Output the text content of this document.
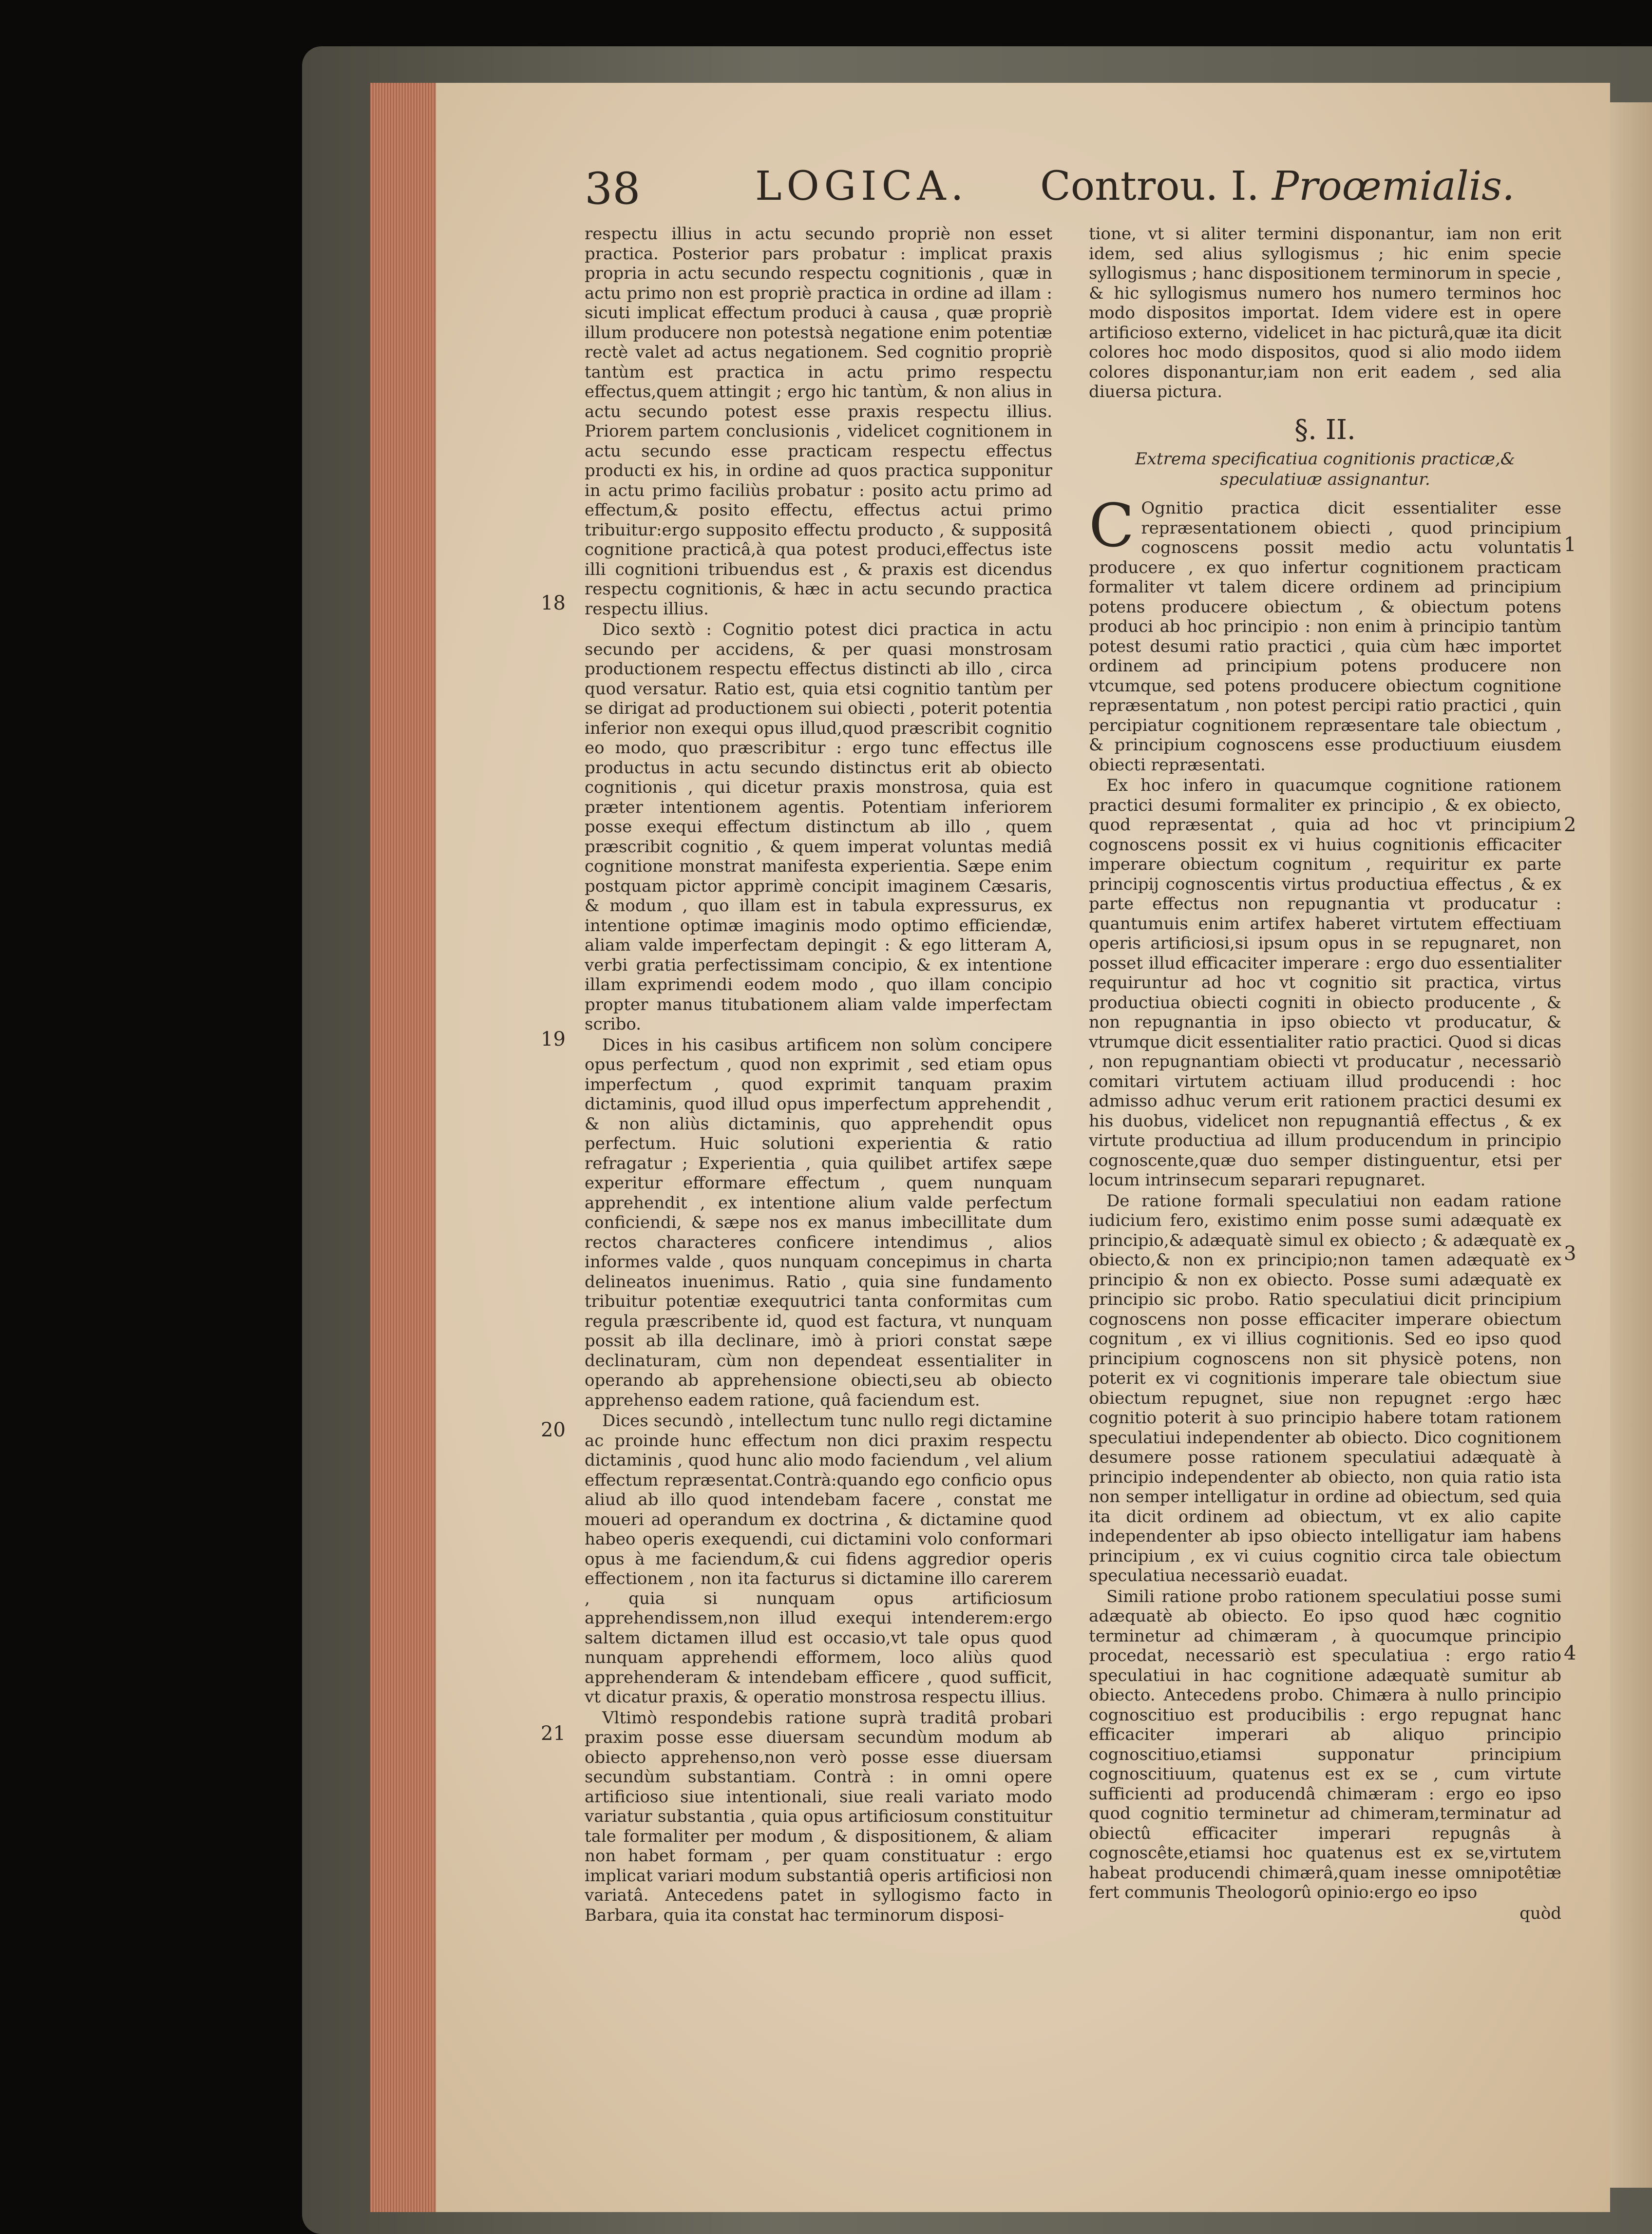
38	LOGICA. Controu. I. Proœmialis.

respectu illius in actu secundo propriè non esset practica. Posterior pars probatur : implicat praxis propria in actu secundo respectu cognitionis , quæ in actu primo non est propriè practica in ordine ad illam : sicuti implicat effectum produci à causa , quæ propriè illum producere non potestsà negatione enim potentiæ rectè valet ad actus negationem. Sed cognitio propriè tantùm est practica in actu primo respectu effectus,quem attingit ; ergo hic tantùm, & non alius in actu secundo potest esse praxis respectu illius. Priorem partem conclusionis , videlicet cognitionem in actu secundo esse practicam respectu effectus producti ex his, in ordine ad quos practica supponitur in actu primo faciliùs probatur : posito actu primo ad effectum,& posito effectu, effectus actui primo tribuitur:ergo supposito effectu producto , & suppositâ cognitione practicâ,à qua potest produci,effectus iste illi cognitioni tribuendus est , & praxis est dicendus respectu cognitionis, & hæc in actu secundo practica respectu illius.

Dico sextò : Cognitio potest dici practica in actu secundo per accidens, & per quasi monstrosam productionem respectu effectus distincti ab illo , circa quod versatur. Ratio est, quia etsi cognitio tantùm per se dirigat ad productionem sui obiecti , poterit potentia inferior non exequi opus illud,quod præscribit cognitio eo modo, quo præscribitur : ergo tunc effectus ille productus in actu secundo distinctus erit ab obiecto cognitionis , qui dicetur praxis monstrosa, quia est præter intentionem agentis. Potentiam inferiorem posse exequi effectum distinctum ab illo , quem præscribit cognitio , & quem imperat voluntas mediâ cognitione monstrat manifesta experientia. Sæpe enim postquam pictor apprimè concipit imaginem Cæsaris, & modum , quo illam est in tabula expressurus, ex intentione optimæ imaginis modo optimo efficiendæ, aliam valde imperfectam depingit : & ego litteram A, verbi gratia perfectissimam concipio, & ex intentione illam exprimendi eodem modo , quo illam concipio propter manus titubationem aliam valde imperfectam scribo.

Dices in his casibus artificem non solùm concipere opus perfectum , quod non exprimit , sed etiam opus imperfectum , quod exprimit tanquam praxim dictaminis, quod illud opus imperfectum apprehendit , & non aliùs dictaminis, quo apprehendit opus perfectum. Huic solutioni experientia & ratio refragatur ; Experientia , quia quilibet artifex sæpe experitur efformare effectum , quem nunquam apprehendit , ex intentione alium valde perfectum conficiendi, & sæpe nos ex manus imbecillitate dum rectos characteres conficere intendimus , alios informes valde , quos nunquam concepimus in charta delineatos inuenimus. Ratio , quia sine fundamento tribuitur potentiæ exequutrici tanta conformitas cum regula præscribente id, quod est factura, vt nunquam possit ab illa declinare, imò à priori constat sæpe declinaturam, cùm non dependeat essentialiter in operando ab apprehensione obiecti,seu ab obiecto apprehenso eadem ratione, quâ faciendum est.

Dices secundò , intellectum tunc nullo regi dictamine ac proinde hunc effectum non dici praxim respectu dictaminis , quod hunc alio modo faciendum , vel alium effectum repræsentat.Contrà:quando ego conficio opus aliud ab illo quod intendebam facere , constat me moueri ad operandum ex doctrina , & dictamine quod habeo operis exequendi, cui dictamini volo conformari opus à me faciendum,& cui fidens aggredior operis effectionem , non ita facturus si dictamine illo carerem , quia si nunquam opus artificiosum apprehendissem,non illud exequi intenderem:ergo saltem dictamen illud est occasio,vt tale opus quod nunquam apprehendi efformem, loco aliùs quod apprehenderam & intendebam efficere , quod sufficit, vt dicatur praxis, & operatio monstrosa respectu illius.

Vltimò respondebis ratione suprà traditâ probari praxim posse esse diuersam secundùm modum ab obiecto apprehenso,non verò posse esse diuersam secundùm substantiam. Contrà : in omni opere artificioso siue intentionali, siue reali variato modo variatur substantia , quia opus artificiosum constituitur tale formaliter per modum , & dispositionem, & aliam non habet formam , per quam constituatur : ergo implicat variari modum substantiâ operis artificiosi non variatâ. Antecedens patet in syllogismo facto in Barbara, quia ita constat hac terminorum disposi-

tione, vt si aliter termini disponantur, iam non erit idem, sed alius syllogismus ; hic enim specie syllogismus ; hanc dispositionem terminorum in specie , & hic syllogismus numero hos numero terminos hoc modo dispositos importat. Idem videre est in opere artificioso externo, videlicet in hac picturâ,quæ ita dicit colores hoc modo dispositos, quod si alio modo iidem colores disponantur,iam non erit eadem , sed alia diuersa pictura.

§. II.
Extrema specificatiua cognitionis practicæ,& speculatiuæ assignantur.

C Ognitio practica dicit essentialiter esse repræsentationem obiecti , quod principium cognoscens possit medio actu voluntatis producere , ex quo infertur cognitionem practicam formaliter vt talem dicere ordinem ad principium potens producere obiectum , & obiectum potens produci ab hoc principio : non enim à principio tantùm potest desumi ratio practici , quia cùm hæc importet ordinem ad principium potens producere non vtcumque, sed potens producere obiectum cognitione repræsentatum , non potest percipi ratio practici , quin percipiatur cognitionem repræsentare tale obiectum , & principium cognoscens esse productiuum eiusdem obiecti repræsentati.

Ex hoc infero in quacumque cognitione rationem practici desumi formaliter ex principio , & ex obiecto, quod repræsentat , quia ad hoc vt principium cognoscens possit ex vi huius cognitionis efficaciter imperare obiectum cognitum , requiritur ex parte principij cognoscentis virtus productiua effectus , & ex parte effectus non repugnantia vt producatur : quantumuis enim artifex haberet virtutem effectiuam operis artificiosi,si ipsum opus in se repugnaret, non posset illud efficaciter imperare : ergo duo essentialiter requiruntur ad hoc vt cognitio sit practica, virtus productiua obiecti cogniti in obiecto producente , & non repugnantia in ipso obiecto vt producatur, & vtrumque dicit essentialiter ratio practici. Quod si dicas , non repugnantiam obiecti vt producatur , necessariò comitari virtutem actiuam illud producendi : hoc admisso adhuc verum erit rationem practici desumi ex his duobus, videlicet non repugnantiâ effectus , & ex virtute productiua ad illum producendum in principio cognoscente,quæ duo semper distinguentur, etsi per locum intrinsecum separari repugnaret.

De ratione formali speculatiui non eadam ratione iudicium fero, existimo enim posse sumi adæquatè ex principio,& adæquatè simul ex obiecto ; & adæquatè ex obiecto,& non ex principio;non tamen adæquatè ex principio & non ex obiecto. Posse sumi adæquatè ex principio sic probo. Ratio speculatiui dicit principium cognoscens non posse efficaciter imperare obiectum cognitum , ex vi illius cognitionis. Sed eo ipso quod principium cognoscens non sit physicè potens, non poterit ex vi cognitionis imperare tale obiectum siue obiectum repugnet, siue non repugnet :ergo hæc cognitio poterit à suo principio habere totam rationem speculatiui independenter ab obiecto. Dico cognitionem desumere posse rationem speculatiui adæquatè à principio independenter ab obiecto, non quia ratio ista non semper intelligatur in ordine ad obiectum, sed quia ita dicit ordinem ad obiectum, vt ex alio capite independenter ab ipso obiecto intelligatur iam habens principium , ex vi cuius cognitio circa tale obiectum speculatiua necessariò euadat.

Simili ratione probo rationem speculatiui posse sumi adæquatè ab obiecto. Eo ipso quod hæc cognitio terminetur ad chimæram , à quocumque principio procedat, necessariò est speculatiua : ergo ratio speculatiui in hac cognitione adæquatè sumitur ab obiecto. Antecedens probo. Chimæra à nullo principio cognoscitiuo est producibilis : ergo repugnat hanc efficaciter imperari ab aliquo principio cognoscitiuo,etiamsi supponatur principium cognoscitiuum, quatenus est ex se , cum virtute sufficienti ad producendâ chimæram : ergo eo ipso quod cognitio terminetur ad chimeram,terminatur ad obiectû efficaciter imperari repugnâs à cognoscête,etiamsi hoc quatenus est ex se,virtutem habeat producendi chimærâ,quam inesse omnipotêtiæ fert communis Theologorû opinio:ergo eo ipso

quòd
18
19
20
21
1
2
3
4
